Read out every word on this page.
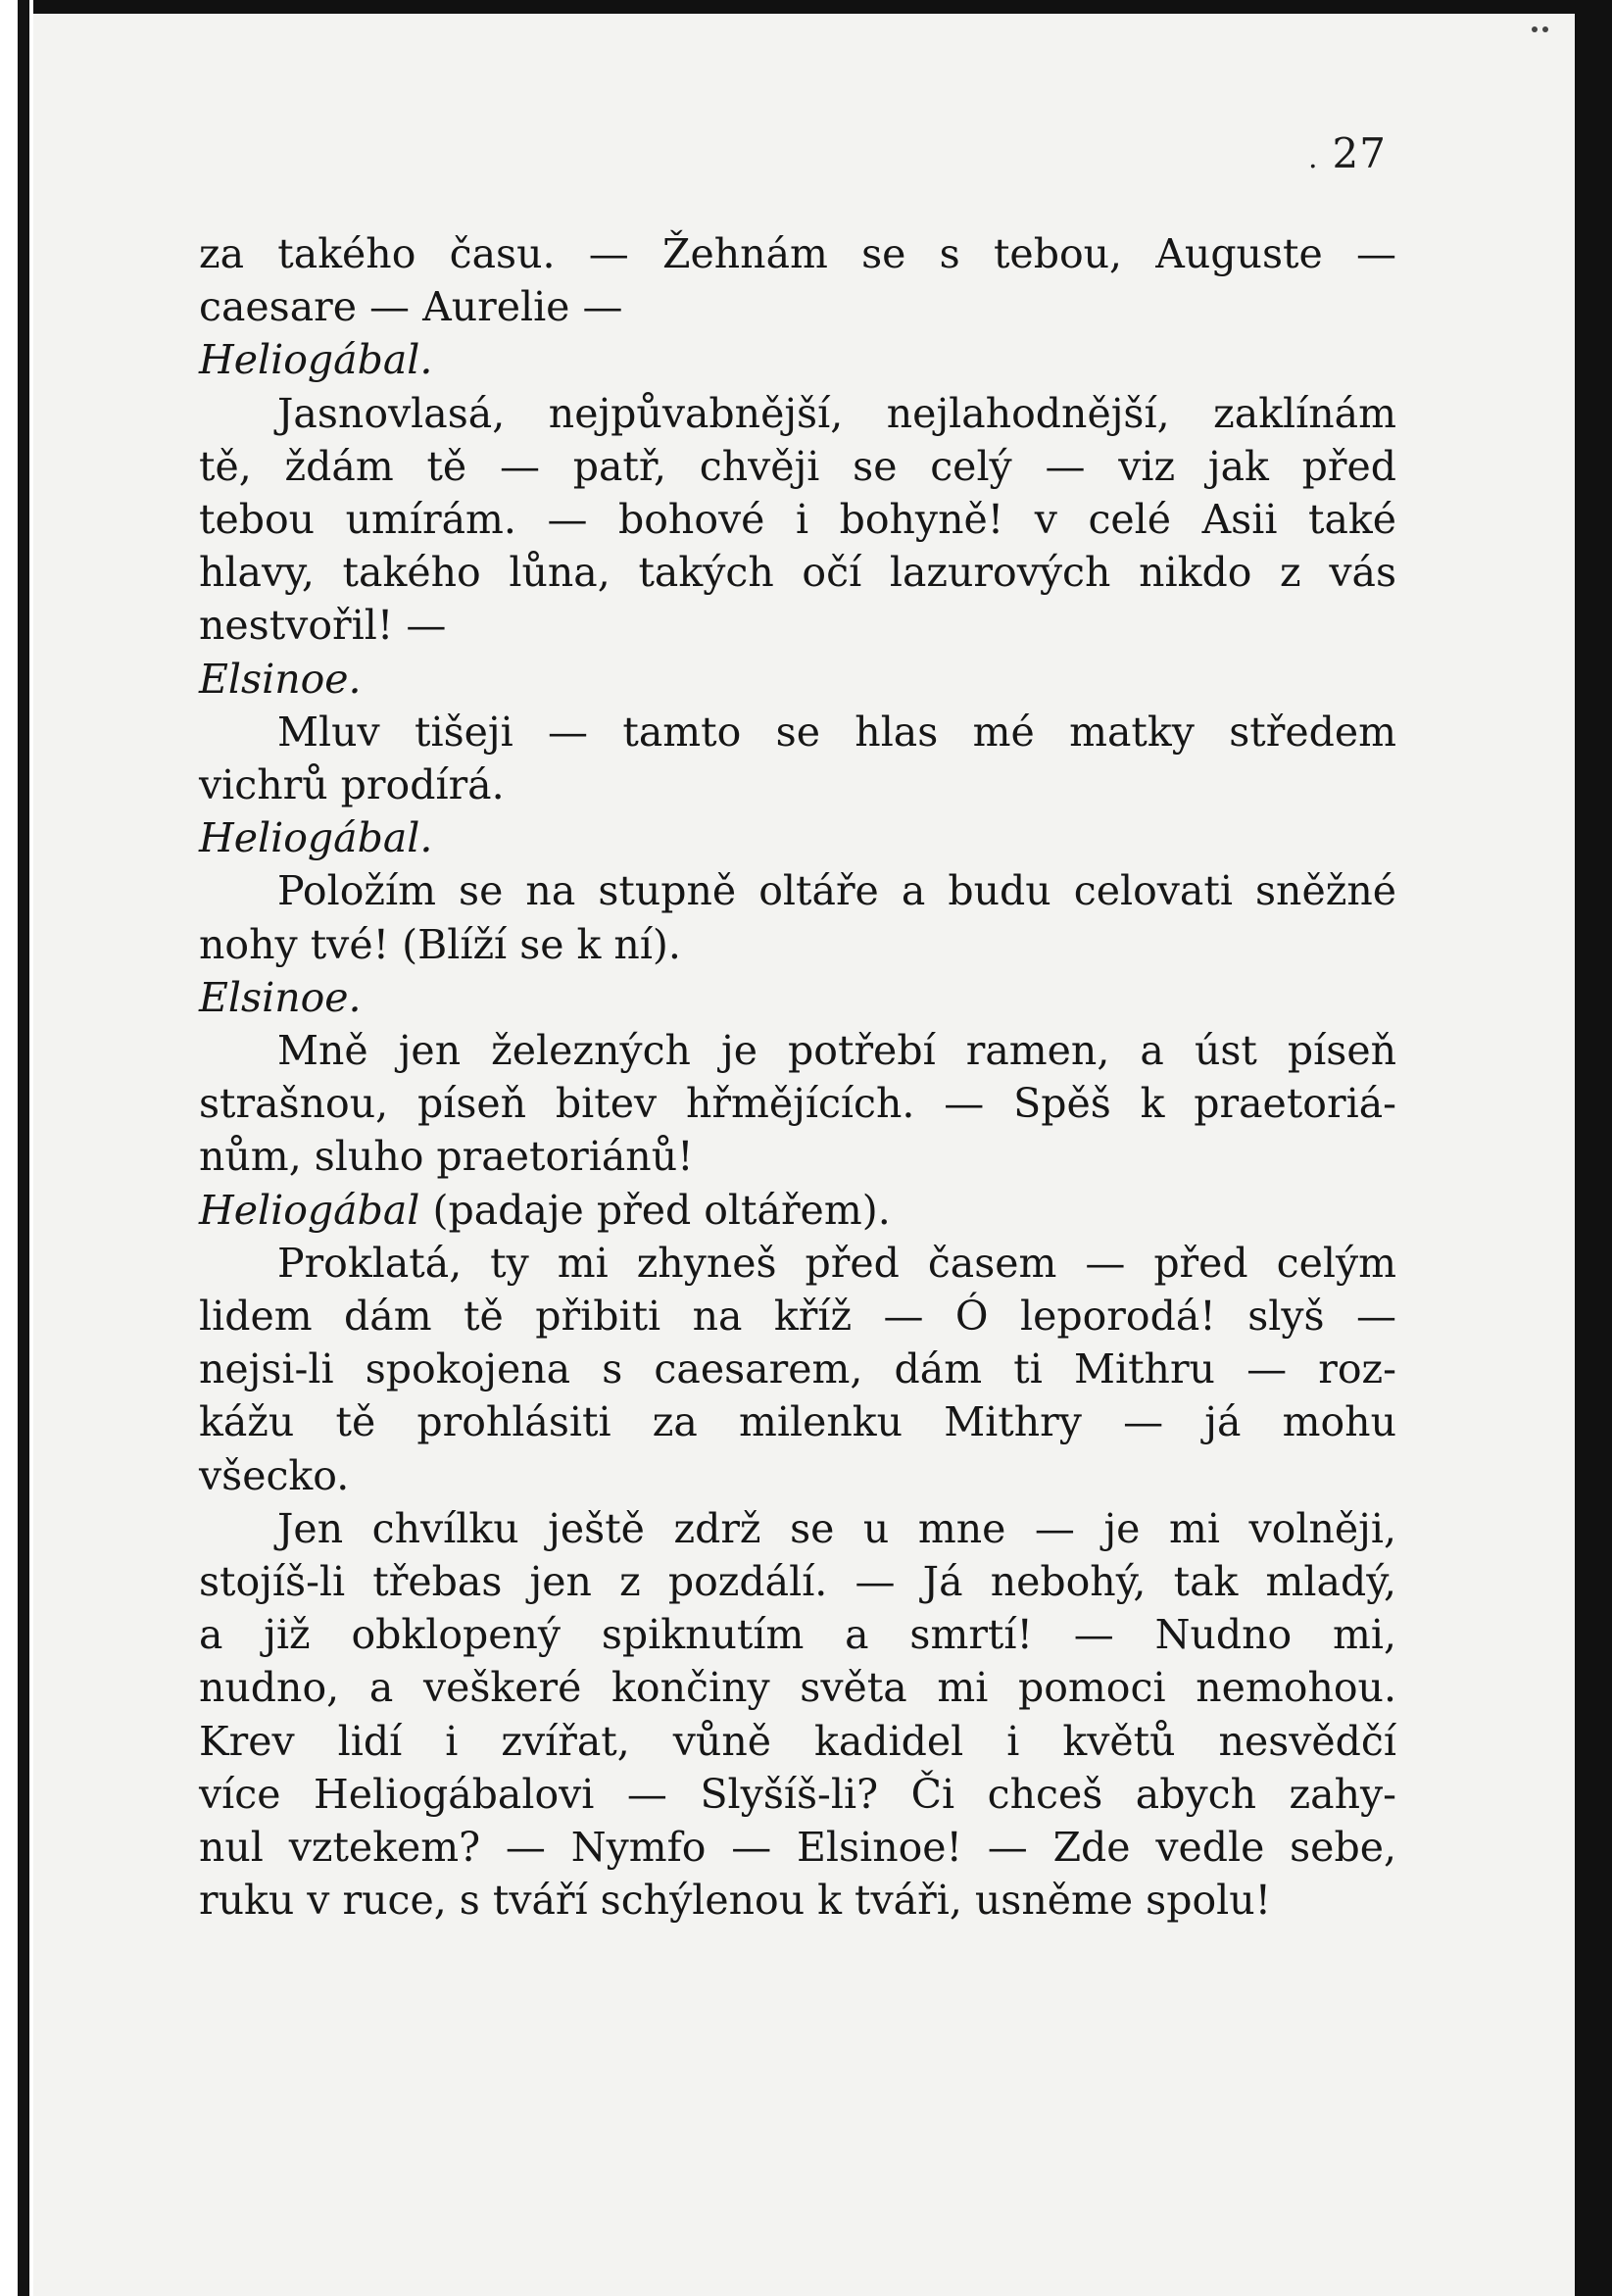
. 27

za takého času. — Žehnám se s tebou, Auguste —
caesare — Aurelie —

Heliogábal.

Jasnovlasá, nejpůvabnější, nejlahodnější, zaklínám
tě, ždám tě — patř, chvěji se celý — viz jak před
tebou umírám. — bohové i bohyně! v celé Asii také
hlavy, takého lůna, takých očí lazurových nikdo z vás
nestvořil! —

Elsinoe.

Mluv tišeji — tamto se hlas mé matky středem
vichrů prodírá.

Heliogábal.

Položím se na stupně oltáře a budu celovati sněžné
nohy tvé! (Blíží se k ní).

Elsinoe.

Mně jen železných je potřebí ramen, a úst píseň
strašnou, píseň bitev hřmějících. — Spěš k praetoriá-
nům, sluho praetoriánů!

Heliogábal (padaje před oltářem).

Proklatá, ty mi zhyneš před časem — před celým
lidem dám tě přibiti na kříž — Ó leporodá! slyš —
nejsi-li spokojena s caesarem, dám ti Mithru — roz-
kážu tě prohlásiti za milenku Mithry — já mohu
všecko.

Jen chvílku ještě zdrž se u mne — je mi volněji,
stojíš-li třebas jen z pozdálí. — Já nebohý, tak mladý,
a již obklopený spiknutím a smrtí! — Nudno mi,
nudno, a veškeré končiny světa mi pomoci nemohou.
Krev lidí i zvířat, vůně kadidel i květů nesvědčí
více Heliogábalovi — Slyšíš-li? Či chceš abych zahy-
nul vztekem? — Nymfo — Elsinoe! — Zde vedle sebe,
ruku v ruce, s tváří schýlenou k tváři, usněme spolu!
